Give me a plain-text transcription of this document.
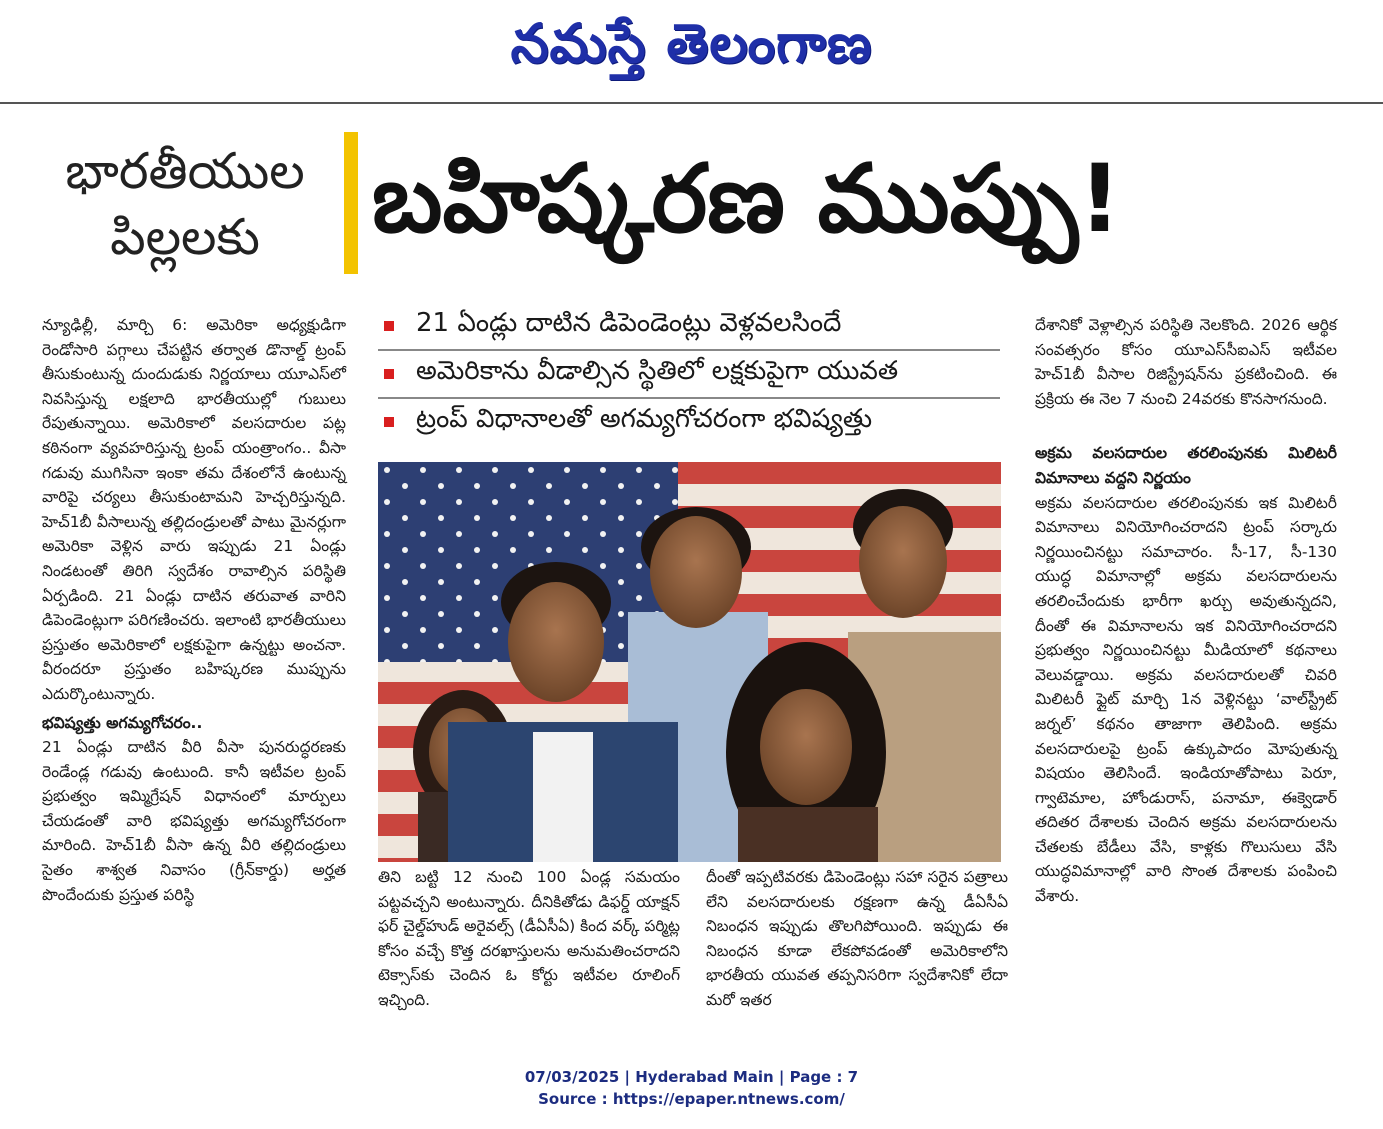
నమస్తే తెలంగాణ
భారతీయుల
పిల్లలకు	బహిష్కరణ ముప్పు!

న్యూఢిల్లీ, మార్చి 6: అమెరికా అధ్యక్షుడిగా రెండోసారి పగ్గాలు చేపట్టిన తర్వాత డొనాల్డ్ ట్రంప్ తీసుకుంటున్న దుందుడుకు నిర్ణయాలు యూఎస్‌లో నివసిస్తున్న లక్షలాది భారతీయుల్లో గుబులు రేపుతున్నాయి. అమెరికాలో వలసదారుల పట్ల కఠినంగా వ్యవహరిస్తున్న ట్రంప్ యంత్రాంగం.. వీసా గడువు ముగిసినా ఇంకా తమ దేశంలోనే ఉంటున్న వారిపై చర్యలు తీసుకుంటామని హెచ్చరిస్తున్నది. హెచ్1బీ వీసాలున్న తల్లిదండ్రులతో పాటు మైనర్లుగా అమెరికా వెళ్లిన వారు ఇప్పుడు 21 ఏండ్లు నిండటంతో తిరిగి స్వదేశం రావాల్సిన పరిస్థితి ఏర్పడింది. 21 ఏండ్లు దాటిన తరువాత వారిని డిపెండెంట్లుగా పరిగణించరు. ఇలాంటి భారతీయులు ప్రస్తుతం అమెరికాలో లక్షకుపైగా ఉన్నట్టు అంచనా. వీరందరూ ప్రస్తుతం బహిష్కరణ ముప్పును ఎదుర్కొంటున్నారు.

భవిష్యత్తు అగమ్యగోచరం..

21 ఏండ్లు దాటిన వీరి వీసా పునరుద్ధరణకు రెండేండ్ల గడువు ఉంటుంది. కానీ ఇటీవల ట్రంప్ ప్రభుత్వం ఇమ్మిగ్రేషన్ విధానంలో మార్పులు చేయడంతో వారి భవిష్యత్తు అగమ్యగోచరంగా మారింది. హెచ్1బీ వీసా ఉన్న వీరి తల్లిదండ్రులు సైతం శాశ్వత నివాసం (గ్రీన్‌కార్డు) అర్హత పొందేందుకు ప్రస్తుత పరిస్థి

21 ఏండ్లు దాటిన డిపెండెంట్లు వెళ్లవలసిందే
అమెరికాను వీడాల్సిన స్థితిలో లక్షకుపైగా యువత
ట్రంప్ విధానాలతో అగమ్యగోచరంగా భవిష్యత్తు

తిని బట్టి 12 నుంచి 100 ఏండ్ల సమయం పట్టవచ్చని అంటున్నారు. దీనికితోడు డిఫర్డ్ యాక్షన్ ఫర్ చైల్డ్‌హుడ్ అరైవల్స్ (డీఏసీఏ) కింద వర్క్ పర్మిట్ల కోసం వచ్చే కొత్త దరఖాస్తులను అనుమతించరాదని టెక్సాస్‌కు చెందిన ఓ కోర్టు ఇటీవల రూలింగ్ ఇచ్చింది.

దీంతో ఇప్పటివరకు డిపెండెంట్లు సహా సరైన పత్రాలు లేని వలసదారులకు రక్షణగా ఉన్న డీఏసీఏ నిబంధన ఇప్పుడు తొలగిపోయింది. ఇప్పుడు ఈ నిబంధన కూడా లేకపోవడంతో అమెరికాలోని భారతీయ యువత తప్పనిసరిగా స్వదేశానికో లేదా మరో ఇతర

దేశానికో వెళ్లాల్సిన పరిస్థితి నెలకొంది. 2026 ఆర్థిక సంవత్సరం కోసం యూఎస్‌సీఐఎస్ ఇటీవల హెచ్1బీ వీసాల రిజిస్ట్రేషన్‌ను ప్రకటించింది. ఈ ప్రక్రియ ఈ నెల 7 నుంచి 24వరకు కొనసాగనుంది.

అక్రమ వలసదారుల తరలింపునకు మిలిటరీ విమానాలు వద్దని నిర్ణయం

అక్రమ వలసదారుల తరలింపునకు ఇక మిలిటరీ విమానాలు వినియోగించరాదని ట్రంప్ సర్కారు నిర్ణయించినట్టు సమాచారం. సీ-17, సీ-130 యుద్ధ విమానాల్లో అక్రమ వలసదారులను తరలించేందుకు భారీగా ఖర్చు అవుతున్నదని, దీంతో ఈ విమానాలను ఇక వినియోగించరాదని ప్రభుత్వం నిర్ణయించినట్టు మీడియాలో కథనాలు వెలువడ్డాయి. అక్రమ వలసదారులతో చివరి మిలిటరీ ఫ్లైట్ మార్చి 1న వెళ్లినట్టు ‘వాల్‌స్ట్రీట్ జర్నల్’ కథనం తాజాగా తెలిపింది. అక్రమ వలసదారులపై ట్రంప్ ఉక్కుపాదం మోపుతున్న విషయం తెలిసిందే. ఇండియాతోపాటు పెరూ, గ్వాటెమాల, హోండురాస్, పనామా, ఈక్వెడార్ తదితర దేశాలకు చెందిన అక్రమ వలసదారులను చేతలకు బేడీలు వేసి, కాళ్లకు గొలుసులు వేసి యుద్ధవిమానాల్లో వారి సొంత దేశాలకు పంపించి వేశారు.

07/03/2025 | Hyderabad Main | Page : 7
Source : https://epaper.ntnews.com/
